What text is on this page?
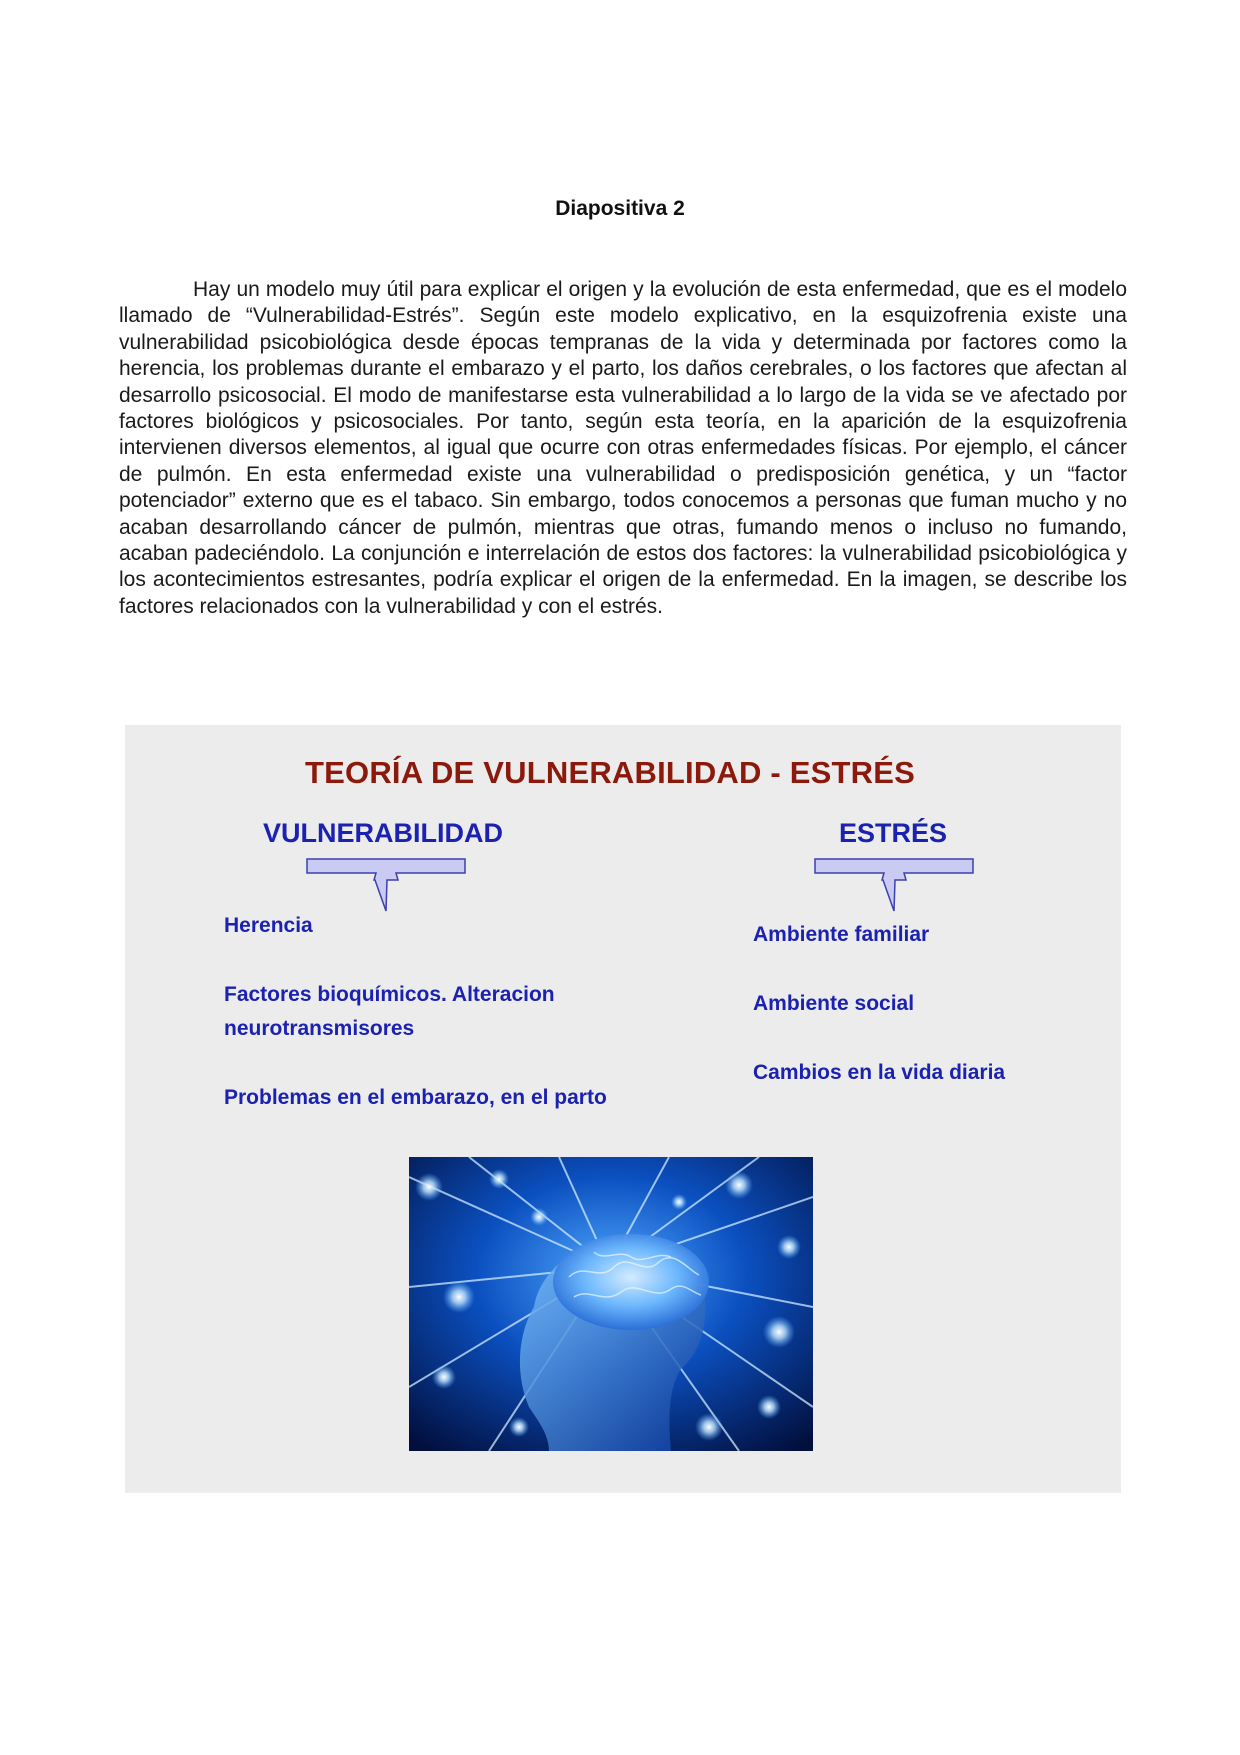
Diapositiva 2

Hay un modelo muy útil para explicar el origen y la evolución de esta enfermedad, que es el modelo llamado de “Vulnerabilidad-Estrés”. Según este modelo explicativo, en la esquizofrenia existe una vulnerabilidad psicobiológica desde épocas tempranas de la vida y determinada por factores como la herencia, los problemas durante el embarazo y el parto, los daños cerebrales, o los factores que afectan al desarrollo psicosocial. El modo de manifestarse esta vulnerabilidad a lo largo de la vida se ve afectado por factores biológicos y psicosociales. Por tanto, según esta teoría, en la aparición de la esquizofrenia intervienen diversos elementos, al igual que ocurre con otras enfermedades físicas. Por ejemplo, el cáncer de pulmón. En esta enfermedad existe una vulnerabilidad o predisposición genética, y un “factor potenciador” externo que es el tabaco. Sin embargo, todos conocemos a personas que fuman mucho y no acaban desarrollando cáncer de pulmón, mientras que otras, fumando menos o incluso no fumando, acaban padeciéndolo. La conjunción e interrelación de estos dos factores: la vulnerabilidad psicobiológica y los acontecimientos estresantes, podría explicar el origen de la enfermedad. En la imagen, se describe los factores relacionados con la vulnerabilidad y con el estrés.

TEORÍA DE VULNERABILIDAD - ESTRÉS
VULNERABILIDAD	ESTRÉS
Herencia
Factores bioquímicos. Alteracion
neurotransmisores
Problemas en el embarazo, en el parto
Ambiente familiar
Ambiente social
Cambios en la vida diaria
